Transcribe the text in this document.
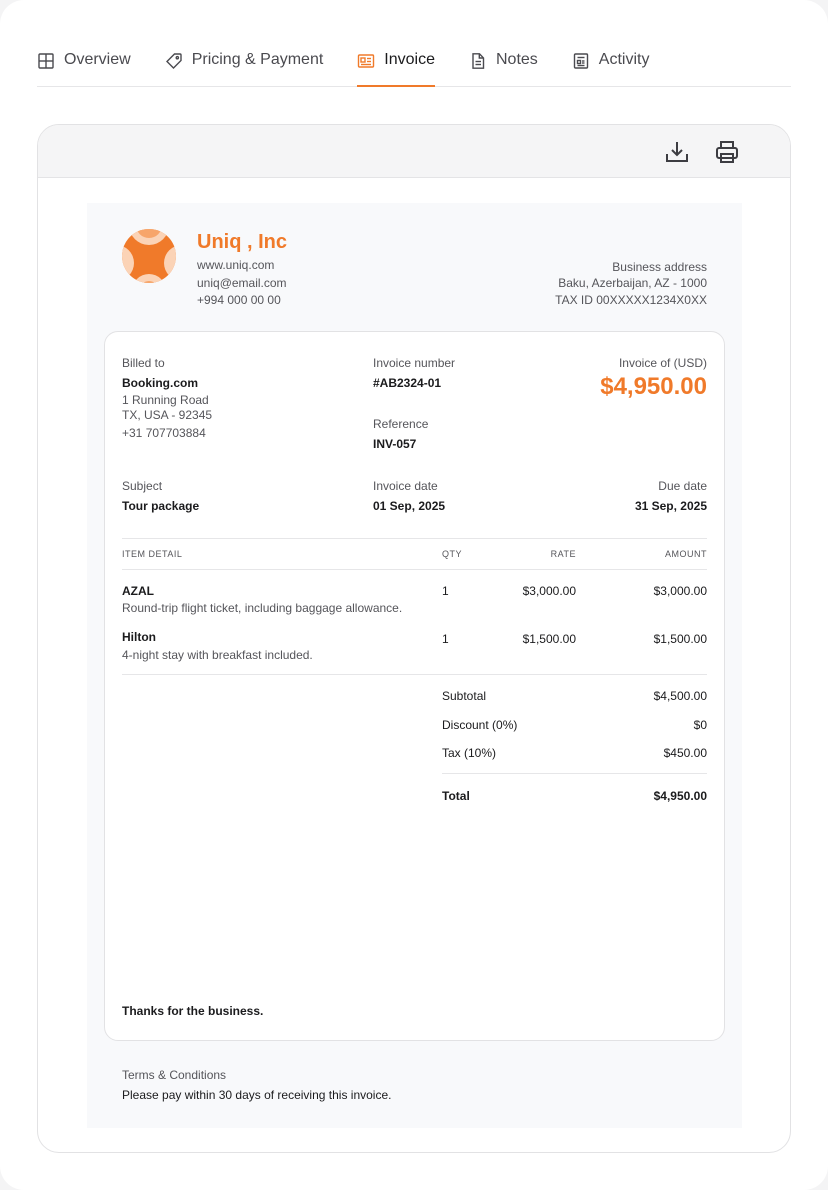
Overview	Pricing & Payment	Invoice	Notes	Activity
Uniq , Inc
www.uniq.com
uniq@email.com
+994 000 00 00
Business address
Baku, Azerbaijan, AZ - 1000
TAX ID 00XXXXX1234X0XX
Billed to
Booking.com
1 Running Road
TX, USA - 92345
+31 707703884
Invoice number
#AB2324-01
Reference
INV-057
Invoice of (USD)
$4,950.00
Subject
Tour package
Invoice date
01 Sep, 2025
Due date
31 Sep, 2025
ITEM DETAIL	QTY	RATE	AMOUNT
AZAL
Round-trip flight ticket, including baggage allowance.
1	$3,000.00	$3,000.00
Hilton
4-night stay with breakfast included.
1	$1,500.00	$1,500.00
Subtotal	$4,500.00
Discount (0%)	$0
Tax (10%)	$450.00
Total	$4,950.00
Thanks for the business.
Terms & Conditions
Please pay within 30 days of receiving this invoice.
